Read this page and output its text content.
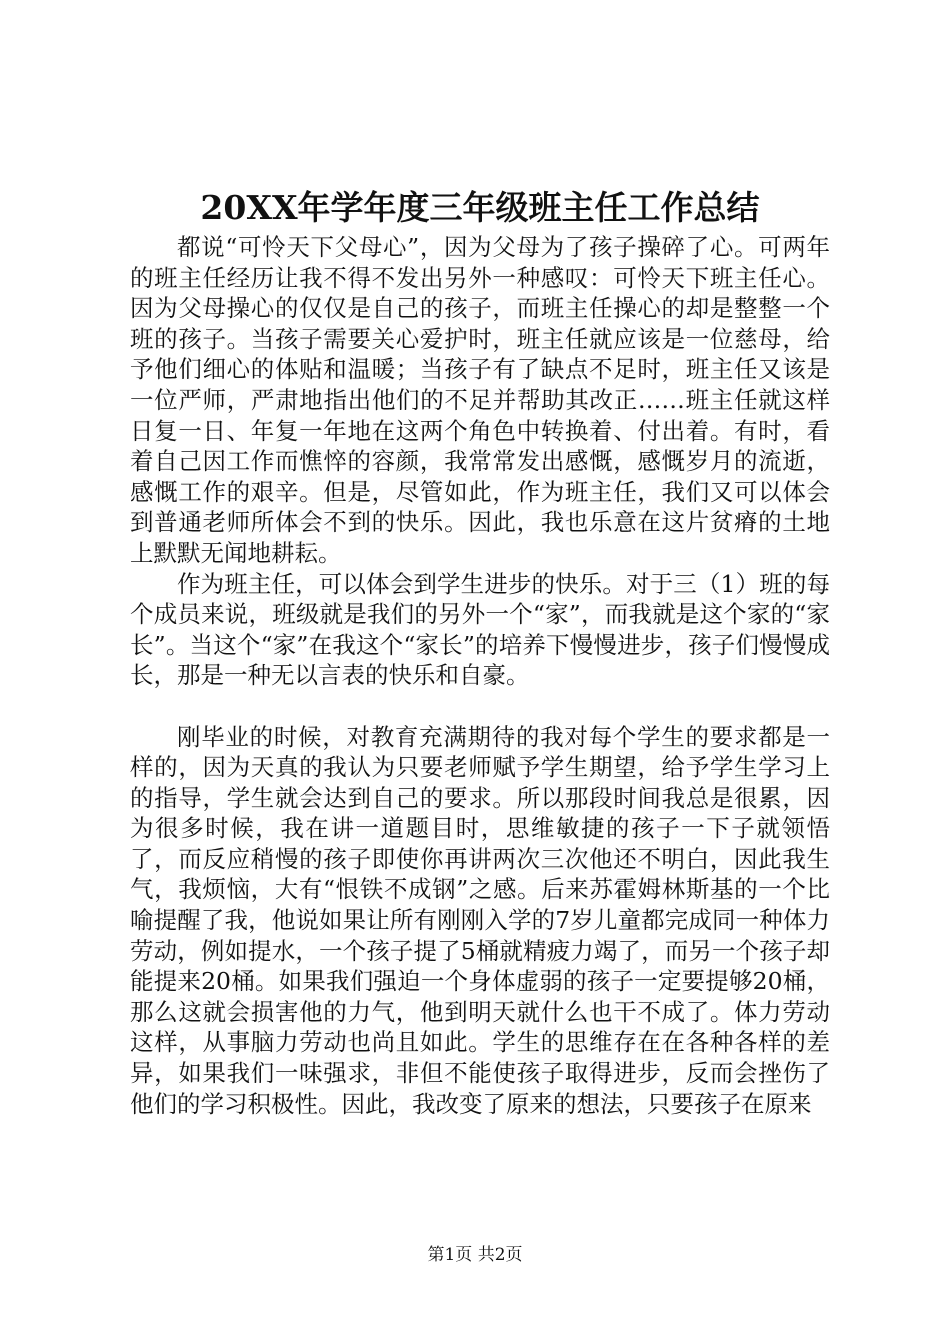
20XX年学年度三年级班主任工作总结

都说“可怜天下父母心”，因为父母为了孩子操碎了心。可两年的班主任经历让我不得不发出另外一种感叹：可怜天下班主任心。因为父母操心的仅仅是自己的孩子，而班主任操心的却是整整一个班的孩子。当孩子需要关心爱护时，班主任就应该是一位慈母，给予他们细心的体贴和温暖；当孩子有了缺点不足时，班主任又该是一位严师，严肃地指出他们的不足并帮助其改正……班主任就这样日复一日、年复一年地在这两个角色中转换着、付出着。有时，看着自己因工作而憔悴的容颜，我常常发出感慨，感慨岁月的流逝，感慨工作的艰辛。但是，尽管如此，作为班主任，我们又可以体会到普通老师所体会不到的快乐。因此，我也乐意在这片贫瘠的土地上默默无闻地耕耘。

作为班主任，可以体会到学生进步的快乐。对于三（1）班的每个成员来说，班级就是我们的另外一个“家”，而我就是这个家的“家长”。当这个“家”在我这个“家长”的培养下慢慢进步，孩子们慢慢成长，那是一种无以言表的快乐和自豪。

刚毕业的时候，对教育充满期待的我对每个学生的要求都是一样的，因为天真的我认为只要老师赋予学生期望，给予学生学习上的指导，学生就会达到自己的要求。所以那段时间我总是很累，因为很多时候，我在讲一道题目时，思维敏捷的孩子一下子就领悟了，而反应稍慢的孩子即使你再讲两次三次他还不明白，因此我生气，我烦恼，大有“恨铁不成钢”之感。后来苏霍姆林斯基的一个比喻提醒了我，他说如果让所有刚刚入学的7岁儿童都完成同一种体力劳动，例如提水，一个孩子提了5桶就精疲力竭了，而另一个孩子却能提来20桶。如果我们强迫一个身体虚弱的孩子一定要提够20桶，那么这就会损害他的力气，他到明天就什么也干不成了。体力劳动这样，从事脑力劳动也尚且如此。学生的思维存在在各种各样的差异，如果我们一味强求，非但不能使孩子取得进步，反而会挫伤了他们的学习积极性。因此，我改变了原来的想法，只要孩子在原来

第1页 共2页
